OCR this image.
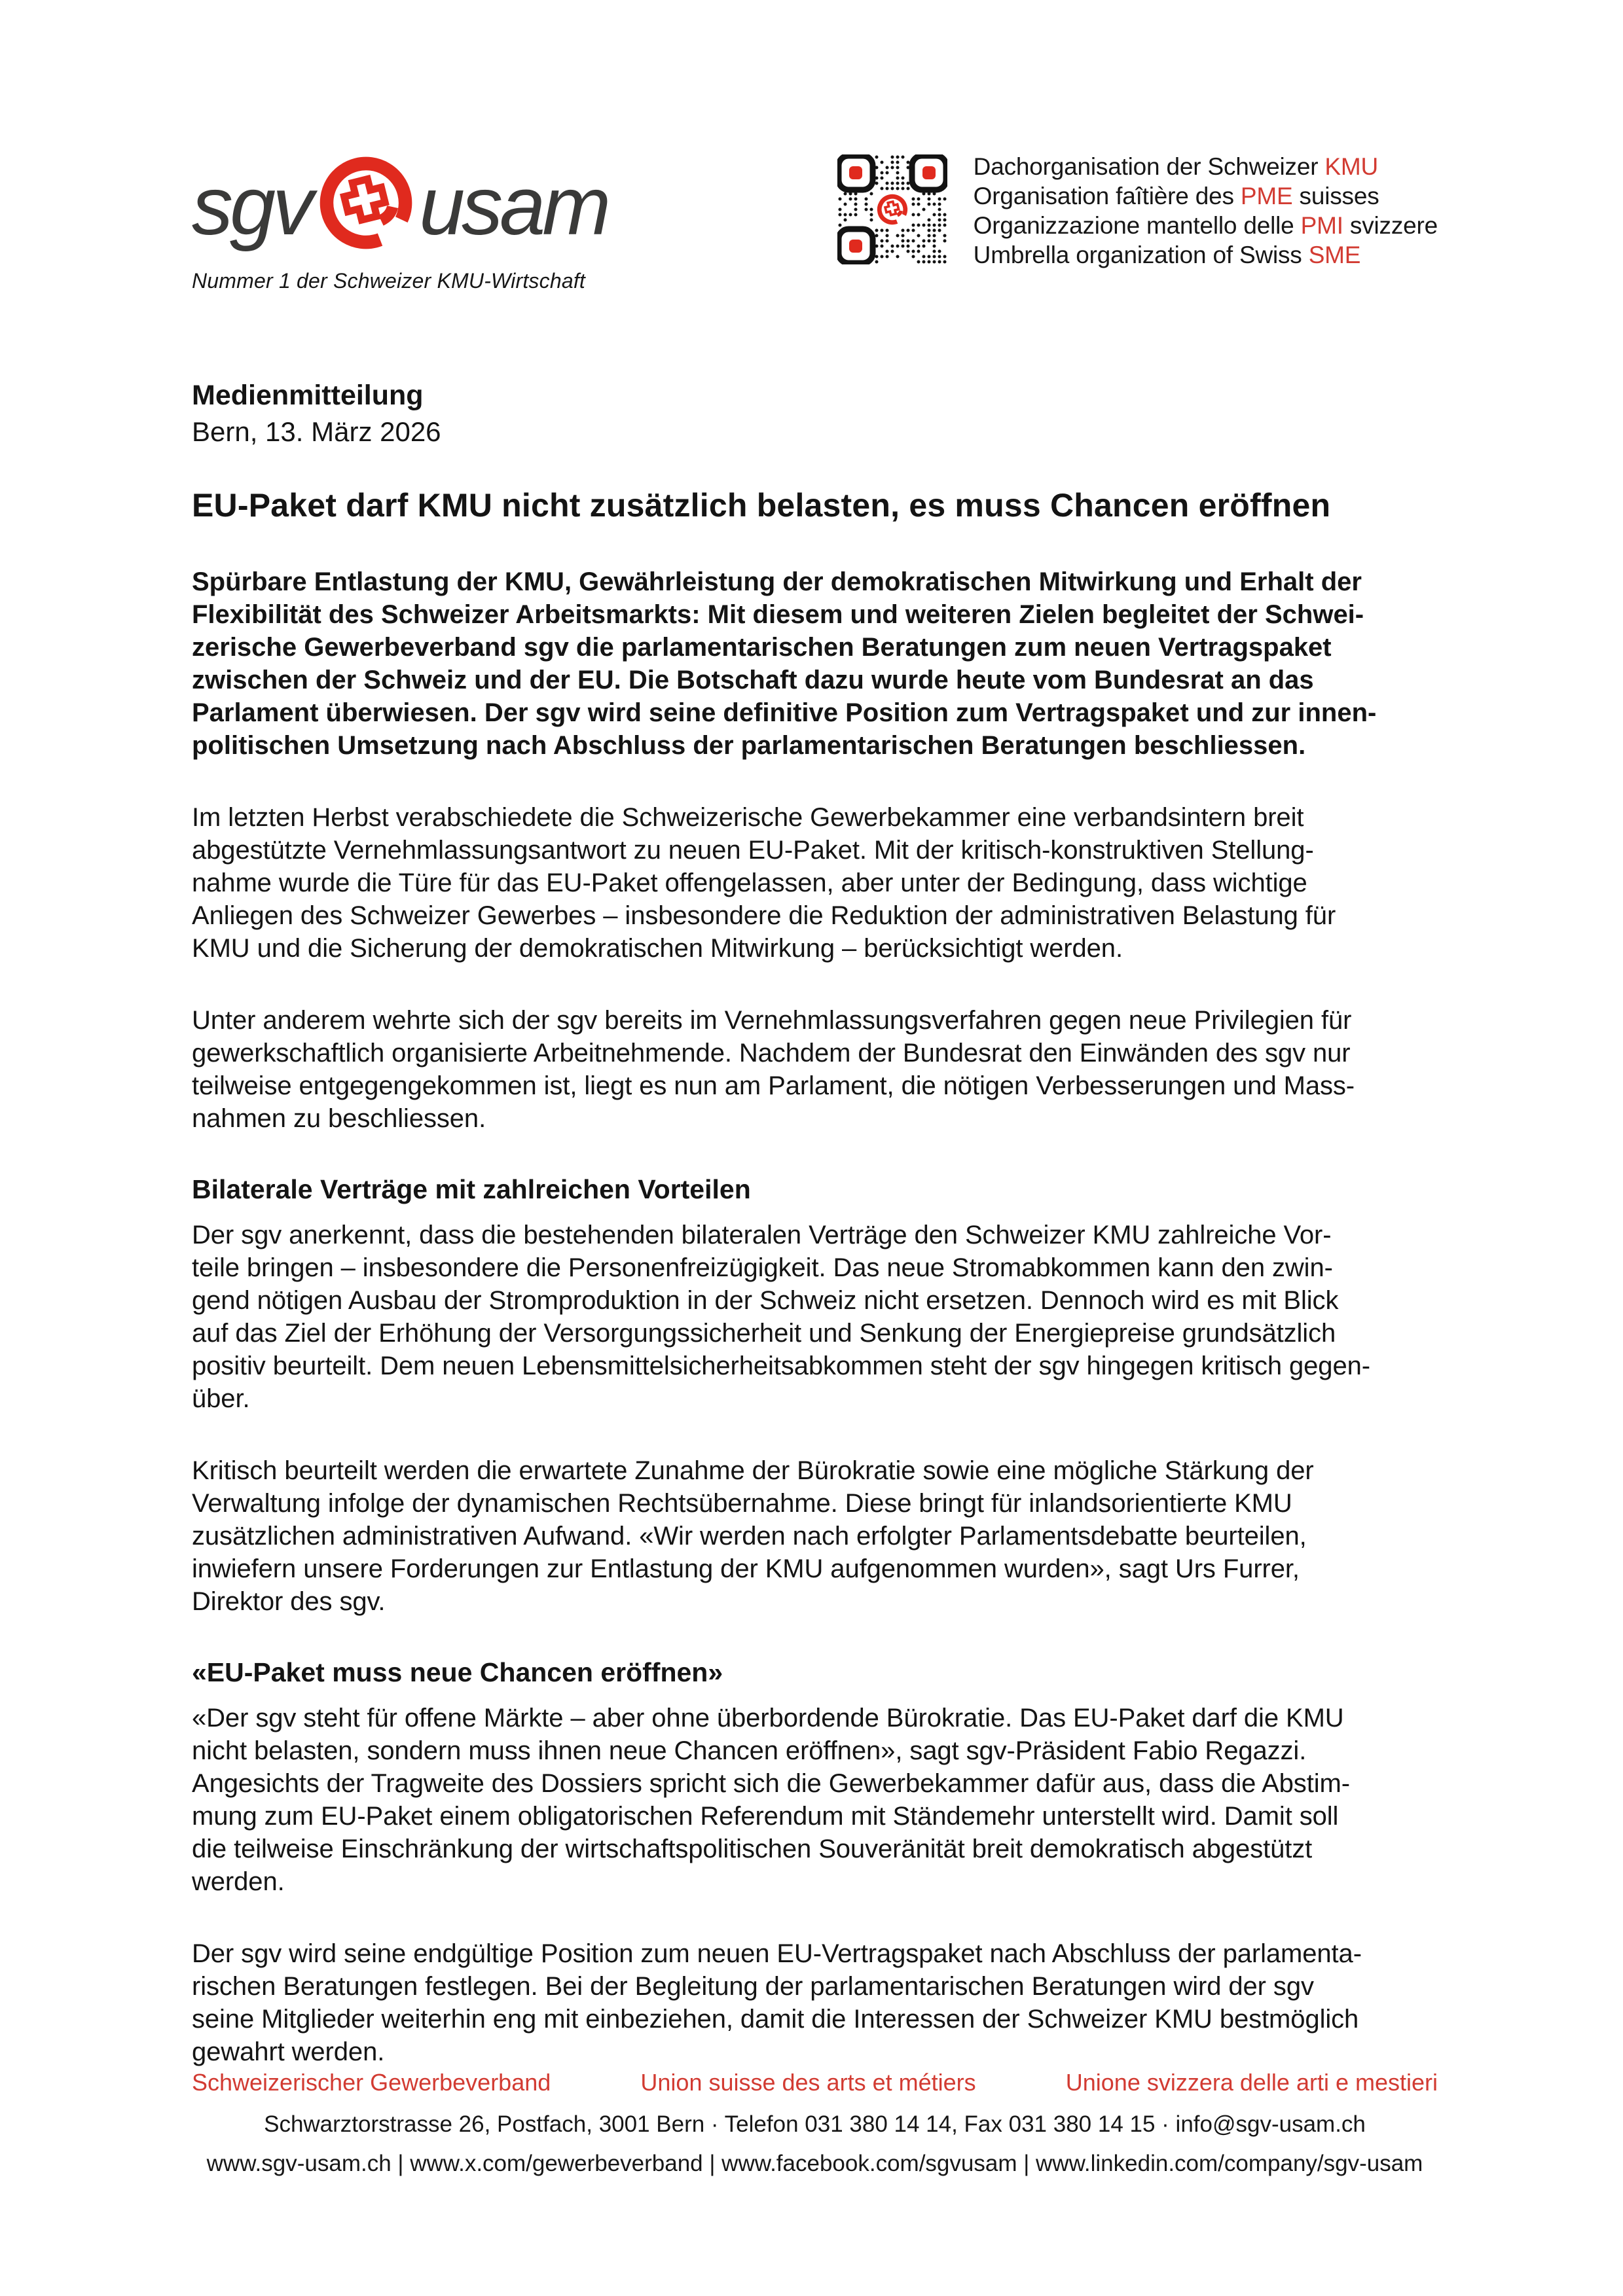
sgv usam
Nummer 1 der Schweizer KMU-Wirtschaft
Dachorganisation der Schweizer KMU
Organisation faîtière des PME suisses
Organizzazione mantello delle PMI svizzere
Umbrella organization of Swiss SME
Medienmitteilung
Bern, 13. März 2026
EU-Paket darf KMU nicht zusätzlich belasten, es muss Chancen eröffnen
Spürbare Entlastung der KMU, Gewährleistung der demokratischen Mitwirkung und Erhalt der
Flexibilität des Schweizer Arbeitsmarkts: Mit diesem und weiteren Zielen begleitet der Schwei-
zerische Gewerbeverband sgv die parlamentarischen Beratungen zum neuen Vertragspaket
zwischen der Schweiz und der EU. Die Botschaft dazu wurde heute vom Bundesrat an das
Parlament überwiesen. Der sgv wird seine definitive Position zum Vertragspaket und zur innen-
politischen Umsetzung nach Abschluss der parlamentarischen Beratungen beschliessen.
Im letzten Herbst verabschiedete die Schweizerische Gewerbekammer eine verbandsintern breit
abgestützte Vernehmlassungsantwort zu neuen EU-Paket. Mit der kritisch-konstruktiven Stellung-
nahme wurde die Türe für das EU-Paket offengelassen, aber unter der Bedingung, dass wichtige
Anliegen des Schweizer Gewerbes – insbesondere die Reduktion der administrativen Belastung für
KMU und die Sicherung der demokratischen Mitwirkung – berücksichtigt werden.
Unter anderem wehrte sich der sgv bereits im Vernehmlassungsverfahren gegen neue Privilegien für
gewerkschaftlich organisierte Arbeitnehmende. Nachdem der Bundesrat den Einwänden des sgv nur
teilweise entgegengekommen ist, liegt es nun am Parlament, die nötigen Verbesserungen und Mass-
nahmen zu beschliessen.
Bilaterale Verträge mit zahlreichen Vorteilen
Der sgv anerkennt, dass die bestehenden bilateralen Verträge den Schweizer KMU zahlreiche Vor-
teile bringen – insbesondere die Personenfreizügigkeit. Das neue Stromabkommen kann den zwin-
gend nötigen Ausbau der Stromproduktion in der Schweiz nicht ersetzen. Dennoch wird es mit Blick
auf das Ziel der Erhöhung der Versorgungssicherheit und Senkung der Energiepreise grundsätzlich
positiv beurteilt. Dem neuen Lebensmittelsicherheitsabkommen steht der sgv hingegen kritisch gegen-
über.
Kritisch beurteilt werden die erwartete Zunahme der Bürokratie sowie eine mögliche Stärkung der
Verwaltung infolge der dynamischen Rechtsübernahme. Diese bringt für inlandsorientierte KMU
zusätzlichen administrativen Aufwand. «Wir werden nach erfolgter Parlamentsdebatte beurteilen,
inwiefern unsere Forderungen zur Entlastung der KMU aufgenommen wurden», sagt Urs Furrer,
Direktor des sgv.
«EU-Paket muss neue Chancen eröffnen»
«Der sgv steht für offene Märkte – aber ohne überbordende Bürokratie. Das EU-Paket darf die KMU
nicht belasten, sondern muss ihnen neue Chancen eröffnen», sagt sgv-Präsident Fabio Regazzi.
Angesichts der Tragweite des Dossiers spricht sich die Gewerbekammer dafür aus, dass die Abstim-
mung zum EU-Paket einem obligatorischen Referendum mit Ständemehr unterstellt wird. Damit soll
die teilweise Einschränkung der wirtschaftspolitischen Souveränität breit demokratisch abgestützt
werden.
Der sgv wird seine endgültige Position zum neuen EU-Vertragspaket nach Abschluss der parlamenta-
rischen Beratungen festlegen. Bei der Begleitung der parlamentarischen Beratungen wird der sgv
seine Mitglieder weiterhin eng mit einbeziehen, damit die Interessen der Schweizer KMU bestmöglich
gewahrt werden.
Schweizerischer Gewerbeverband	Union suisse des arts et métiers	Unione svizzera delle arti e mestieri
Schwarztorstrasse 26, Postfach, 3001 Bern · Telefon 031 380 14 14, Fax 031 380 14 15 · info@sgv-usam.ch
www.sgv-usam.ch | www.x.com/gewerbeverband | www.facebook.com/sgvusam | www.linkedin.com/company/sgv-usam
